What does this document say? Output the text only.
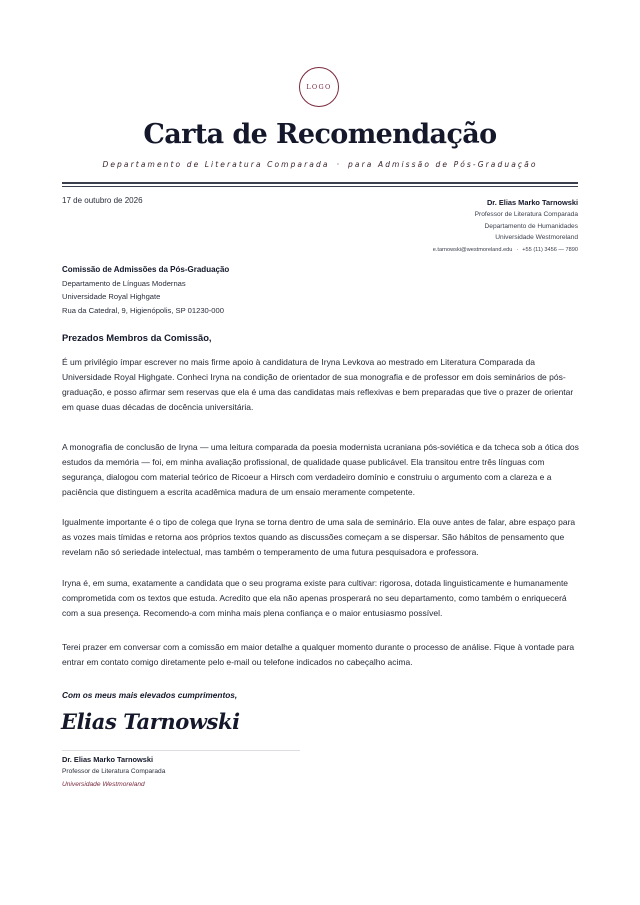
LOGO
Carta de Recomendação
Departamento de Literatura Comparada · para Admissão de Pós-Graduação
17 de outubro de 2026	Dr. Elias Marko Tarnowski
Professor de Literatura Comparada
Departamento de Humanidades
Universidade Westmoreland
e.tarnowski@westmoreland.edu · +55 (11) 3456 — 7890
Comissão de Admissões da Pós-Graduação
Departamento de Línguas Modernas
Universidade Royal Highgate
Rua da Catedral, 9, Higienópolis, SP 01230-000
Prezados Membros da Comissão,

É um privilégio ímpar escrever no mais firme apoio à candidatura de Iryna Levkova ao mestrado em Literatura Comparada da Universidade Royal Highgate. Conheci Iryna na condição de orientador de sua monografia e de professor em dois seminários de pós-graduação, e posso afirmar sem reservas que ela é uma das candidatas mais reflexivas e bem preparadas que tive o prazer de orientar em quase duas décadas de docência universitária.

A monografia de conclusão de Iryna — uma leitura comparada da poesia modernista ucraniana pós-soviética e da tcheca sob a ótica dos estudos da memória — foi, em minha avaliação profissional, de qualidade quase publicável. Ela transitou entre três línguas com segurança, dialogou com material teórico de Ricoeur a Hirsch com verdadeiro domínio e construiu o argumento com a clareza e a paciência que distinguem a escrita acadêmica madura de um ensaio meramente competente.

Igualmente importante é o tipo de colega que Iryna se torna dentro de uma sala de seminário. Ela ouve antes de falar, abre espaço para as vozes mais tímidas e retorna aos próprios textos quando as discussões começam a se dispersar. São hábitos de pensamento que revelam não só seriedade intelectual, mas também o temperamento de uma futura pesquisadora e professora.

Iryna é, em suma, exatamente a candidata que o seu programa existe para cultivar: rigorosa, dotada linguisticamente e humanamente comprometida com os textos que estuda. Acredito que ela não apenas prosperará no seu departamento, como também o enriquecerá com a sua presença. Recomendo-a com minha mais plena confiança e o maior entusiasmo possível.

Terei prazer em conversar com a comissão em maior detalhe a qualquer momento durante o processo de análise. Fique à vontade para entrar em contato comigo diretamente pelo e-mail ou telefone indicados no cabeçalho acima.

Com os meus mais elevados cumprimentos,
Elias Tarnowski
Dr. Elias Marko Tarnowski
Professor de Literatura Comparada
Universidade Westmoreland
